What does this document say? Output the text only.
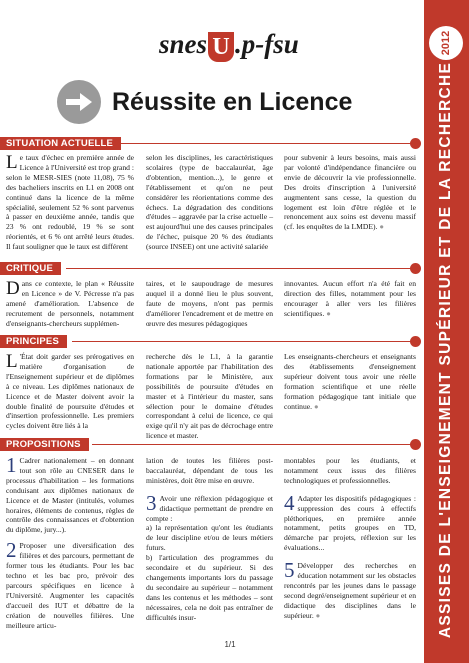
2012
ASSISES DE L'ENSEIGNEMENT SUPÉRIEUR ET DE LA RECHERCHE
snes U .p-fsu
Réussite en Licence
SITUATION ACTUELLE

Le taux d'échec en première année de Licence à l'Université est trop grand : selon le MESR-SIES (note 11,08), 75 % des bacheliers inscrits en L1 en 2008 ont continué dans la licence de la même spécialité, seulement 52 % sont parvenus à passer en deuxième année, tandis que 23 % ont redoublé, 19 % se sont réorientés, et 6 % ont arrêté leurs études. Il faut souligner que le taux est différent

selon les disciplines, les caractéristiques scolaires (type de baccalauréat, âge d'obtention, mention...), le genre et l'établissement et qu'on ne peut considérer les réorientations comme des échecs. La dégradation des conditions d'études – aggravée par la crise actuelle – est aujourd'hui une des causes principales de l'échec, puisque 20 % des étudiants (source INSEE) ont une activité salariée

pour subvenir à leurs besoins, mais aussi par volonté d'indépendance financière ou envie de découvrir la vie professionnelle. Des droits d'inscription à l'université augmentent sans cesse, la question du logement est loin d'être réglée et le renoncement aux soins est devenu massif (cf. les enquêtes de la LMDE). ●

CRITIQUE

Dans ce contexte, le plan « Réussite en Licence » de V. Pécresse n'a pas amené d'amélioration. L'absence de recrutement de personnels, notamment d'enseignants-chercheurs supplémen-

taires, et le saupoudrage de mesures auquel il a donné lieu le plus souvent, faute de moyens, n'ont pas permis d'améliorer l'encadrement et de mettre en œuvre des mesures pédagogiques

innovantes. Aucun effort n'a été fait en direction des filles, notamment pour les encourager à aller vers les filières scientifiques. ●

PRINCIPES

L 'État doit garder ses prérogatives en matière d'organisation de l'Enseignement supérieur et de diplômes à ce niveau. Les diplômes nationaux de Licence et de Master doivent avoir la double finalité de poursuite d'études et d'insertion professionnelle. Les premiers cycles doivent être liés à la

recherche dès le L1, à la garantie nationale apportée par l'habilitation des formations par le Ministère, aux possibilités de poursuite d'études en master et à l'intérieur du master, sans sélection pour le domaine d'études correspondant à celui de licence, ce qui exige qu'il n'y ait pas de décrochage entre licence et master.

Les enseignants-chercheurs et enseignants des établissements d'enseignement supérieur doivent tous avoir une réelle formation scientifique et une réelle formation pédagogique tant initiale que continue. ●

PROPOSITIONS
1 Cadrer nationalement – en donnant tout son rôle au CNESER dans le processus d'habilitation – les formations conduisant aux diplômes nationaux de Licence et de Master (intitulés, volumes horaires, éléments de contenus, règles de contrôle des connaissances et d'obtention du diplôme, jury...).
2 Proposer une diversification des filières et des parcours, permettant de former tous les étudiants. Pour les bac techno et les bac pro, prévoir des parcours spécifiques en licence à l'Université. Augmenter les capacités d'accueil des IUT et débattre de la création de nouvelles filières. Une meilleure articu-

lation de toutes les filières post-baccalauréat, dépendant de tous les ministères, doit être mise en œuvre.

3 Avoir une réflexion pédagogique et didactique permettant de prendre en compte :

a) la représentation qu'ont les étudiants de leur discipline et/ou de leurs métiers futurs.

b) l'articulation des programmes du secondaire et du supérieur. Si des changements importants lors du passage du secondaire au supérieur – notamment dans les contenus et les méthodes – sont nécessaires, cela ne doit pas entraîner de difficultés insur-

montables pour les étudiants, et notamment ceux issus des filières technologiques et professionnelles.

4 Adapter les dispositifs pédagogiques : suppression des cours à effectifs pléthoriques, en première année notamment, petits groupes en TD, démarche par projets, réflexion sur les évaluations...
5 Développer des recherches en éducation notamment sur les obstacles rencontrés par les jeunes dans le passage second degré/enseignement supérieur et en didactique des disciplines dans le supérieur. ●
1/1
